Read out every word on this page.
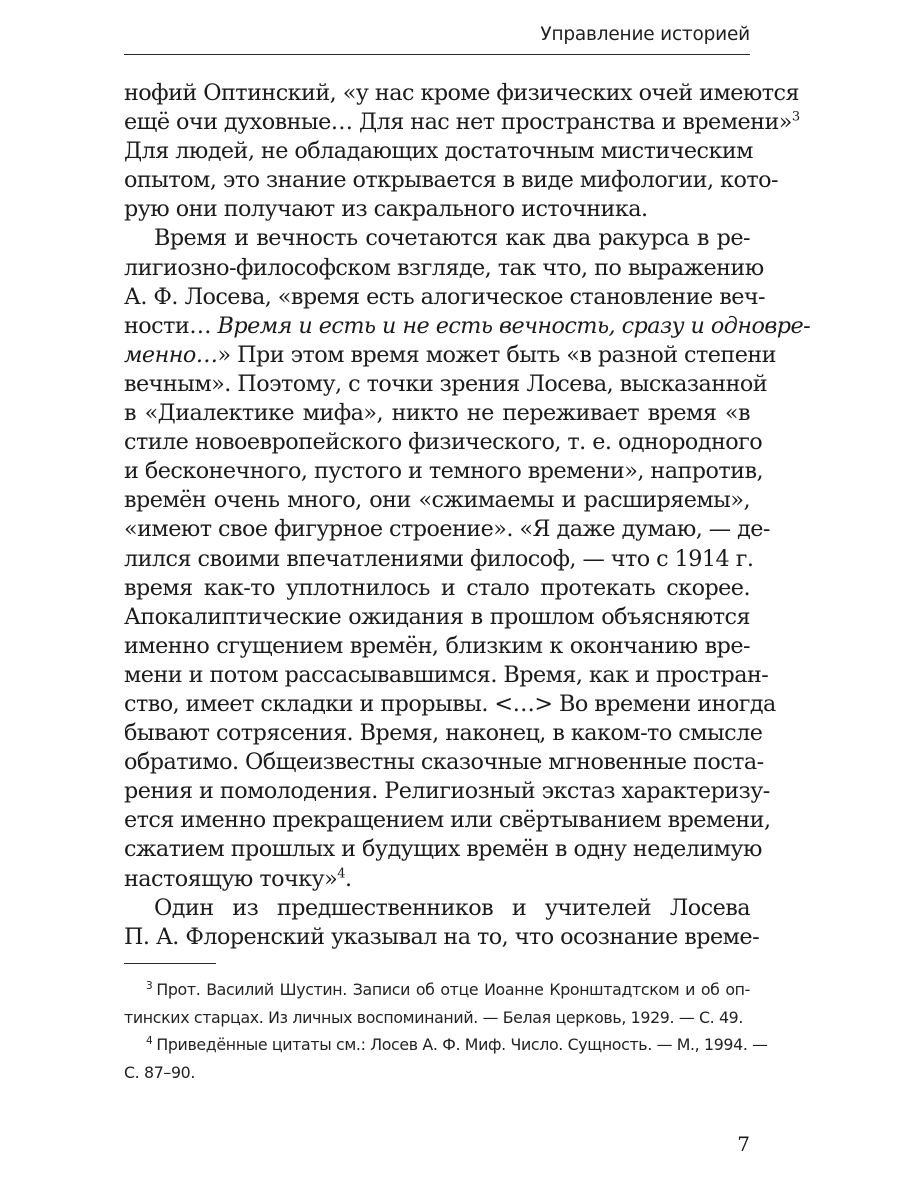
Управление историей

нофий Оптинский, «у нас кроме физических очей имеются
ещё очи духовные… Для нас нет пространства и времени»$^3$
Для людей, не обладающих достаточным мистическим
опытом, это знание открывается в виде мифологии, кото-
рую они получают из сакрального источника.

Время и вечность сочетаются как два ракурса в ре-
лигиозно-философском взгляде, так что, по выражению
А. Ф. Лосева, «время есть алогическое становление веч-
ности… Время и есть и не есть вечность, сразу и одновре-
менно…» При этом время может быть «в разной степени
вечным». Поэтому, с точки зрения Лосева, высказанной
в «Диалектике мифа», никто не переживает время «в
стиле новоевропейского физического, т. е. однородного
и бесконечного, пустого и темного времени», напротив,
времён очень много, они «сжимаемы и расширяемы»,
«имеют свое фигурное строение». «Я даже думаю, — де-
лился своими впечатлениями философ, — что с 1914 г.
время как-то уплотнилось и стало протекать скорее.
Апокалиптические ожидания в прошлом объясняются
именно сгущением времён, близким к окончанию вре-
мени и потом рассасывавшимся. Время, как и простран-
ство, имеет складки и прорывы. <…> Во времени иногда
бывают сотрясения. Время, наконец, в каком-то смысле
обратимо. Общеизвестны сказочные мгновенные поста-
рения и помолодения. Религиозный экстаз характеризу-
ется именно прекращением или свёртыванием времени,
сжатием прошлых и будущих времён в одну неделимую
настоящую точку»$^4$.

Один из предшественников и учителей Лосева
П. А. Флоренский указывал на то, что осознание време-

$^3$ Прот. Василий Шустин. Записи об отце Иоанне Кронштадтском и об оп-
тинских старцах. Из личных воспоминаний. — Белая церковь, 1929. — С. 49.
$^4$ Приведённые цитаты см.: Лосев А. Ф. Миф. Число. Сущность. — М., 1994. —
С. 87–90.
7
